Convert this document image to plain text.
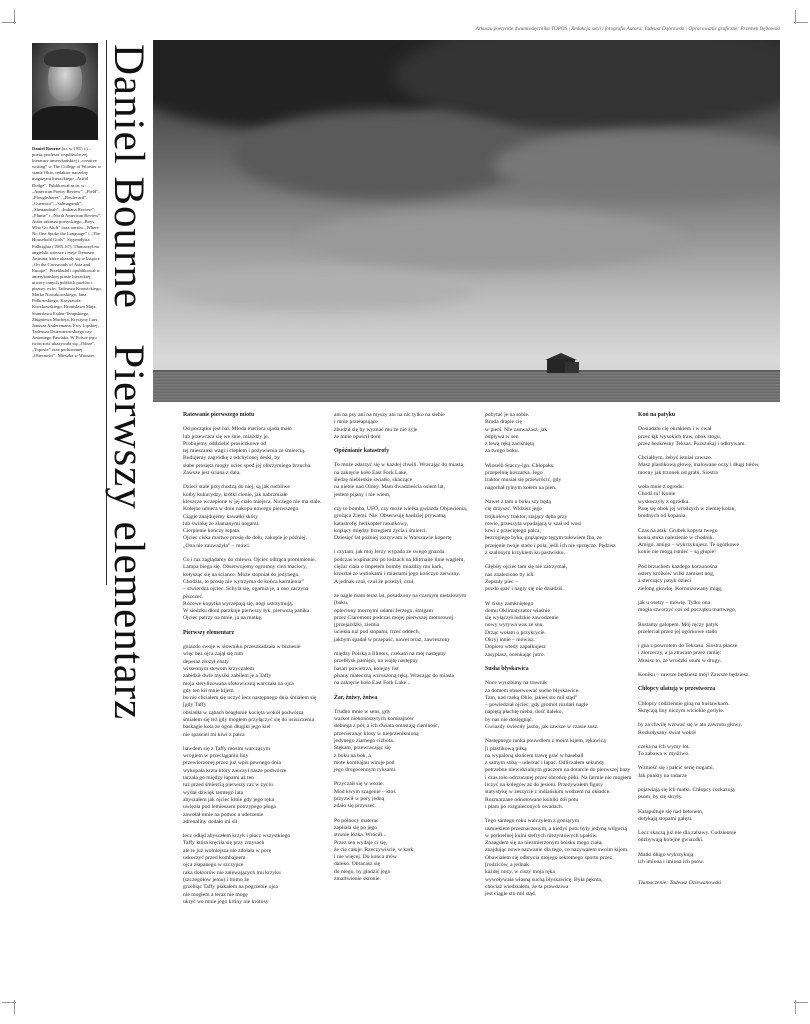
Arkusza poetyckie dwumiesięcznika TOPOS | Redakcja serii i fotografie Autora: Tadeusz Dąbrowski | Opracowanie graficzne: Przemek Dębowski
Daniel Bourne (ur. w 1955 r.) – poeta, profesor współtwórczej literatury amerykańskiej i „creative writing” w The College of Wooster w stanie Ohio, redaktor naczelny magazynu literackiego „Artful Dodge”. Publikował m.in. w: „American Poetry Review”, „Field”, „Ploughshares”, „Boulevard”, „Guernica”, „Salmagundi”, „Shenandoah”, „Indiana Review”, „Plume” i „North American Review”. Autor arkusza poetyckiego „Boys Who Go Aloft” oraz tomów „Where No One Spoke the Language” i „The Household Gods”. Stypendysta Fulbrighta (1985–87). Tłumaczył na angielski wiersze i eseje Tomasza Jastruna, które ukazały się w książce „On the Crossroads of Asia and Europe”. Przekładał i opublikował w amerykańskiej prasie literackiej utwory innych polskich poetów i pisarzy, m.in. Tadeusza Konwickiego, Marka Nowakowskiego, Jana Polkowskiego, Krzysztofa Kuczkowskiego, Bronisława Maja, Stanisława Esden-Tempskiego, Zbigniewa Macheja, Krystyny Lars, Janusza Anderemana, Ewy Lipskiej, Tadeusza Dziewanowskiego czy Antoniego Pawlaka. W Polsce jego twórczość ukazywała się „Odrze”, „Toposie” oraz podstronnej „Obecności”. Mieszka w Wooster.
Daniel Bourne   Pierwszy elementarz	Ratowanie pierwszego miotu

Od początku jest bal. Młoda maciora ujada mało
lub przewraca się we śnie, miażdży je.
Probujemy oddzielić prosiczkowe od
tej mieszanki wagi i ciepłem i pożywienia ze śmiercią.
Budujemy zagródkę z odchylonej deski, by
słabe prosięta mogły uciec spod jej olbrzymiego brzucha.
Zawsze jest ściana z dala.

Dzieci stale przychodzą do niej, są jak ruchliwe
kolby kukurydzy, krótki cienie, jak nabrzmiałe
kleszcze wczepione w jej ciało miejsca. Niczego nie ma stale.
Kolejne umiera w dniu nakopu nowego pierwszego.
Ciągłe znajdujemy kawałki skóry
lub świnkę ze złamanymi nogami.
Cierpienie kończy łopata.
Ojciec ciska martwe prosię do dołu, zakopie je później.
„Ona nie zauważyła” – mówi.

Co i raz zaglądamy do chlewu. Ojciec odtrąca pronimienie.
Lampa biega się. Obserwujemy ogromny cień maciory,
kołysząc się na ściance. Może stopniał do jedynego.
Chodźta, to prosię nie wytrzyma do końca karmienia”
– stwierdza ojciec. Schyla się, ogarnia je, a ono zaczyna piszczeć.
Różowe kopytka wyrzepają się, nogi ustrzymują.
W siedzku dłoni parzkuje pierwszy łyk, pierwszą panika.
Ojciec patrzy na mnie, ja na matkę.

Pierwszy elementarz

gniazdo swoje w słowniku przeszkadzała w biznesie
więc bez ojca zajął się nim
deperaz złożył chaty
wissennym stewom krzyczałem
zabidził dwie mysiki zabilem je a Taffy
moja sterylizowana sfotowiczną warczała na ojca
gdy ten kił mnie kijem
bo nie chciałem się uczyć lecz następnego dnia śmiałem się
[gdy Taffy
obsiadła w ząbach beagłonie kocięta wokół podwórza
śmiałem się też gdy mogłem przyłączyć się do osiszczenia
baskagie kota ze ogon długiki jego kiel
nie spaściel mi kiwi z pałca

hawdem się z Taffy mosim warczącym
wrogiem w przeciąganiu liny
przewlerzonej przez już wpis pewnego dnia
wykopała krzta który zauczył nasze podwórze
tarzała go między łapami aż ten
tuż przed śmiercią pierwszy raz w życiu
wydał dźwięk tamtego lata
abyszałem jak ojciec kłnie gdy jego ręka
uwięzła pod lemieszem potrzypego pługa
zawołał mnie na pomoc a uderzenie
adrenaliny dodało mi sił

lecz odłąd abyszałem krzyk i płacz wszystkiego
Taffy która kręciła się przy zmysach
ale te już wolniejsza nie zdołała w porę
uskoczyć przed kombajnem
ojca złapanego w szczypce
raka doktorów nie zalewających mu krzyku
(szczegółów jemu) i mimo że
grzebiąc Taffy płakałem na pogrzebie ojca
nie mogłem a teraz nie mogę
ukryć we mnie jego krtiny nie krótosy

ani na psy ani na myszy ani na nic tylko na siebie
i mnie przełapujące
zbudził się by wyznać mu że nie żyje
że mnie opuścił dom

Opóźnianie katastrofy

To może zdarzyć się w każdej chwili. Wracając do miasta,
na zakręcie koło East Fork Lake,
śledzę niebieskie światło, skaczące
na niebie nad Olney. Mam dwadzieścia osiem lat,
jestem pijany i nie wiem,

czy to bomba, UFO, czy może wielka gwiazda Objawienia,
grożąca Ziemi. Nie. Obserwuję hardziej prywatną
katastrofę: helikopter ratunkowy,
krążący między brzegiem życia i śmierci.
Dziesięć lat później rozrywam w Warszawie kopertę

i czytam, jak mój Jerzy wypada ze swego gnazda
podczas wspinaczki po lodzach na Iditrnaite linie wagiem,
ciężar ciała o impetem bomby miażdży mu kark,
krzształ ze wstiokami i miastami jego kończyn zerwany.
A jednak czuł, czuł że przeżył, czuł,

że nagle mam teraz lat, posadzony na czarnym metalowym
[baku,
opleciony mocnymi udami Jerzego, śmigam
przez Claremont podczas mojej pierwszej motorowej
[przejażdżki, ziemia
uciekła tuż pod stopami, trzeć oddech,
jakbym spadał w przepaść, nawet teraz, zawieszony

między Polską a Illinois, czekam na mój następny
przebłysk pamięci, na wojtę następny
hasari powietrza, kolejny list
pisany mateczną wzruszoną ręką. Wracając do miasta
na zakręcie koło East Fork Lake...

Żar, żniwy, żniwa

Trudno mnie w sens, gdy
warkot niekonoszytych kombajnów
dobiega z pól, a ich dwiata omastają ciemność,
przecieranąc klosy w nieprzeniknioną
jedynego ziarnego ciżbota.
Stękam, przewracając się
z boku na bok, a
mote kombajnu wiruje pod
jego drogocennym ryksami.

Przyczaił się w wozie.
Mod kwym szagenie – ktoś
przyzwił w pory jedną
zdało się przyszeć.

Po północy materac
zapłiala się po jego
stronie łóżka. Wróciłl...
Przez sen wydaje ci się,
że cię całuje. Rzeczywiście, w kark,
i nie więcej. Do końca mów
daleko. Obracasz się
do niego, by gładzić jego
zmartwienie skronie.

pobytać je na sobie.
Broda drapie cię
w pierś. Nie zauważasz, jak
odpływa w sen
z lewą ręką zaciśniętą
za twego boku.

Wioselli Staccy-ign. Chłopaku
przepelnię koszarka. Jego
traktor musiał się przewrócić, gdy
nagorhał tylnym kołem na pień.

Nawet z tam u boku szy będą
cię drzyszć. Widzisz jego
trójkołowy traktor, stający dęba przy
rowie, przeszyta wpadającą w szał od wosi
krwi z przeciętego palca,
bezrogiego byka, grążącego tęgym tułowiem fba, ze
przejęnie twoje stado i pola, jeśli ich nie sprzęcze. Pędzisz
z szalonym krzykiem ku pastwisku.

Głębiły ojciec tam się nie zatrzymał,
nas znaleziono by ich.
Zepsuły piec –
pozdo spać i nagly się nie dziadziś.

W cisny zamkniętego
domu Oklimatyzator właśnie
się wyłączył ludzkie zawodzenie
nowy wyrywa was ze snu.
Drżąc wołam o przykrycie.
Okryj mnie – mówisz.
Dopiero wtedy zapałkujesz
zasypiasz, ocenkając jutro.

Susha błyskawica

Noce wyuzbimy na trawnik
za domem obserwować suche błyskawice.
Tam, nad rzeką Ohio, jakieś sto mil stąd”
– powiedział ojciec, gdy gromot rozdarł nagle
napiętą płachtę nieba, dość daleko,
by nas nie dosięgnąć.
Gwiazdy świeciły jasno, jak zawsze w czasie susz.

Następnego ranka pouwdlem z moim kijem, rękawicą
[i plastikową piłką
na wypaloną słońcem trawę grać w baseball
z samym sobą – uderzać i łapać. Odliczałem sekundy
potrzebne niewidzialnym graczom na dotarcie do pierwszej bazy
i czas toło odrzucanej przez obrońcę piłki. Na farmie nie mogłem
liczyć na kolegów aż do jesieni. Przeżywałem figury
statystykę w zeszycie z indiańskim wodzem na okładce.
Rozmarzane odnotowane ksiniki dół potu
i plam po rozgnieconych owadach.

Tego samego roku walczyłem z goniącym
uśmiekiem przeznaczonym, a kiedyś potu były jedyną wilgocią
w porkrelnej kulni stefrych niezyntowych upałów.
Znaagdem się na niezmierzonym boisku mego ciała,
znajdując nowe nazwanie dla tego, co nazywałem swoim kijem.
Obawiałem się odbrycia mojego sekretnego sportu przez
[rodziców, a jednak
każdej nocy, w ciszy moja ręka
wywoływała własną suchą błyskawicę. Była pęknta,
chociaż wiedziałem, że ta prawdziwa
jest ciągle sto mil stąd.

Koń na patyku

Dosiadam cię okrakiem i w cwał
przez łąk wysokich traw, obok stogu,
przez bezkresny Teksas. Pozszukaj i odkrywam.

Chciałbym, żebyś istniał zawsze.
Masz plastikową głowę, malowane oczy i długi tułów,
mocny jak trzonek od grabi. Siostra

woła mnie z ogrodu:
Chodź tu! Konie
wyskoczyły z ogródka.
Pasę się obok jej wrodzych w ziemię kolan,
brudnych od kopania.

Czas na atak. Grubek kopyta twego
konia stuka nalezienie w chodnik.
Amigo, amigo – wykrzykujesz. Te ogórkowe
konie nie mogą istnieć – są głupie!

Pod brzuchem każdego korzonośna
ostery króików wilki zamiast nóg,
a sterczący patyk dzieci
zielong głowkę. Kornoizowany miąg,

jak u osetry – mówię. Tylko ona
mogła stworzyć coś od początku martwego,

Rustamy galopem. Mój ręczy patyk
przeleciał przez jej ogórkowe stado

i gna z powrotem do Teksasu. Siostra płacze
i złorzeczy, a ja ztracam przez ramię:
Musisz to, że wrodzki ssum w drugy.

Koniku – zawsze będziesz mój! Zawsze będziesz.

Chłopcy ulatują w przestworza

Chłopcy codziennie giną na huśtawkach.
Skręcają liny niczym wiciekle gorlyle.

by za chwilę wzrwać się w ato zawrotu głowy.
Rozkołysany świat wokół

czeka na ich wymy lot.
To zabawa w myśliwo.

Wznieść się i pałcić serię nogami.
Jak punkty na radarze

pojawiają się ich matki. Chłopcy rozkazują
psom, by się skryły.

Katapultuje się nad betonem,
dotykają stopami gałęzi.

Lecz skaczą już nie dla zabawy. Codziennie
odzbywają kolejne gwiazdki.

Matki długo wykrzykują
ich imiona i imiona ich psów.

Tłumaczenie: Tadeusz Dziewanowski
